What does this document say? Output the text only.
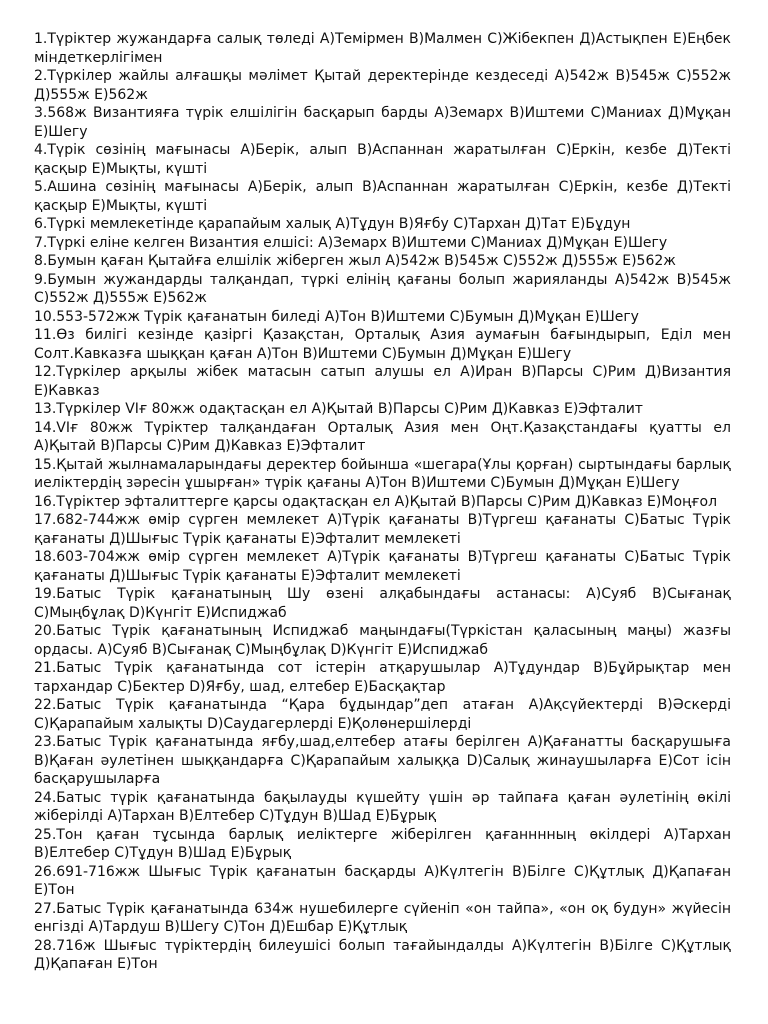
1.Түріктер жужандарға салық төледі A)Темірмен B)Малмен C)Жібекпен Д)Астықпен E)Еңбек міндеткерлігімен

2.Түркілер жайлы алғашқы мәлімет Қытай деректерінде кездеседі A)542ж B)545ж C)552ж Д)555ж E)562ж

3.568ж Византияға түрік елшілігін басқарып барды A)Земарх B)Иштеми C)Маниах Д)Мұқан E)Шегу

4.Түрік сөзінің мағынасы A)Берік, алып B)Аспаннан жаратылған C)Еркін, кезбе Д)Текті қасқыр E)Мықты, күшті

5.Ашина сөзінің мағынасы A)Берік, алып B)Аспаннан жаратылған C)Еркін, кезбе Д)Текті қасқыр E)Мықты, күшті

6.Түркі мемлекетінде қарапайым халық A)Тұдун B)Яғбу C)Тархан Д)Тат E)Бұдун

7.Түркі еліне келген Византия елшісі: A)Земарх B)Иштеми C)Маниах Д)Мұқан E)Шегу

8.Бумын қаған Қытайға елшілік жіберген жыл A)542ж B)545ж C)552ж Д)555ж E)562ж

9.Бумын жужандарды талқандап, түркі елінің қағаны болып жарияланды A)542ж B)545ж C)552ж Д)555ж E)562ж

10.553-572жж Түрік қағанатын биледі A)Тон B)Иштеми C)Бумын Д)Мұқан E)Шегу

11.Өз билігі кезінде қазіргі Қазақстан, Орталық Азия аумағын бағындырып, Еділ мен Солт.Кавказға шыққан қаған A)Тон B)Иштеми C)Бумын Д)Мұқан E)Шегу

12.Түркілер арқылы жібек матасын сатып алушы ел A)Иран B)Парсы C)Рим Д)Византия E)Кавказ

13.Түркілер VIғ 80жж одақтасқан ел A)Қытай B)Парсы C)Рим Д)Кавказ E)Эфталит

14.VIғ 80жж Түріктер талқандаған Орталық Азия мен Оңт.Қазақстандағы қуатты ел A)Қытай B)Парсы C)Рим Д)Кавказ E)Эфталит

15.Қытай жылнамаларындағы деректер бойынша «шегара(Ұлы қорған) сыртындағы барлық иеліктердің зәресін ұшырған» түрік қағаны A)Тон B)Иштеми C)Бумын Д)Мұқан E)Шегу

16.Түріктер эфталиттерге қарсы одақтасқан ел A)Қытай B)Парсы C)Рим Д)Кавказ E)Моңғол

17.682-744жж өмір сүрген мемлекет A)Түрік қағанаты B)Түргеш қағанаты C)Батыс Түрік қағанаты Д)Шығыс Түрік қағанаты E)Эфталит мемлекеті

18.603-704жж өмір сүрген мемлекет A)Түрік қағанаты B)Түргеш қағанаты C)Батыс Түрік қағанаты Д)Шығыс Түрік қағанаты E)Эфталит мемлекеті

19.Батыс Түрік қағанатының Шу өзені алқабындағы астанасы: A)Суяб B)Сығанақ C)Мыңбұлақ D)Күнгіт E)Испиджаб

20.Батыс Түрік қағанатының Испиджаб маңындағы(Түркістан қаласының маңы) жазғы ордасы. A)Суяб B)Сығанақ C)Мыңбұлақ D)Күнгіт E)Испиджаб

21.Батыс Түрік қағанатында сот істерін атқарушылар A)Тұдундар B)Бұйрықтар мен тархандар C)Бектер D)Яғбу, шад, елтебер E)Басқақтар

22.Батыс Түрік қағанатында “Қара бұдындар”деп атаған A)Ақсүйектерді B)Әскерді C)Қарапайым халықты D)Саудагерлерді E)Қолөнершілерді

23.Батыс Түрік қағанатында яғбу,шад,елтебер атағы берілген A)Қағанатты басқарушыға B)Қаған әулетінен шыққандарға C)Қарапайым халыққа D)Салық жинаушыларға E)Сот ісін басқарушыларға

24.Батыс түрік қағанатында бақылауды күшейту үшін әр тайпаға қаған әулетінің өкілі жіберілді A)Тархан B)Елтебер C)Тұдун B)Шад E)Бұрық

25.Тон қаған тұсында барлық иеліктерге жіберілген қағанннның өкілдері A)Тархан B)Елтебер C)Тұдун B)Шад E)Бұрық

26.691-716жж Шығыс Түрік қағанатын басқарды A)Күлтегін B)Білге C)Құтлық Д)Қапаған E)Тон

27.Батыс Түрік қағанатында 634ж нушебилерге сүйеніп «он тайпа», «он оқ будун» жүйесін енгізді A)Тардуш B)Шегу C)Тон Д)Ешбар E)Құтлық

28.716ж Шығыс түріктердің билеушісі болып тағайындалды A)Күлтегін B)Білге C)Құтлық Д)Қапаған E)Тон
